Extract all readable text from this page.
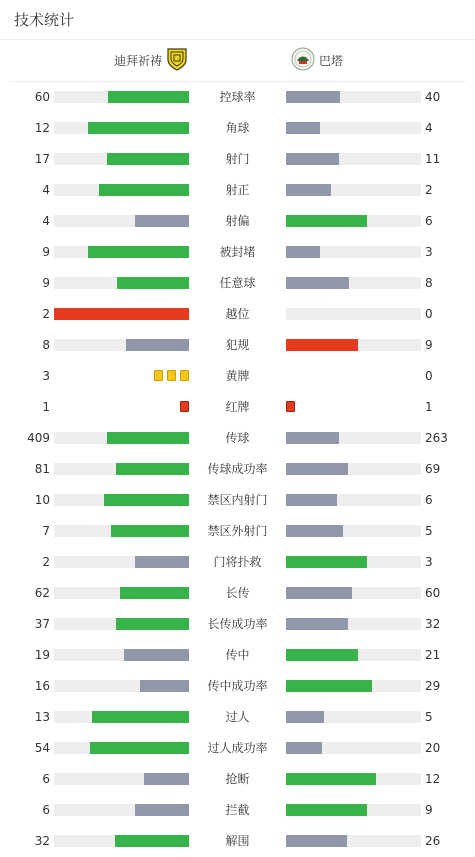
技术统计
迪拜祈祷	巴塔
60	控球率	40
12	角球	4
17	射门	11
4	射正	2
4	射偏	6
9	被封堵	3
9	任意球	8
2	越位	0
8	犯规	9
3	黄牌	0
1	红牌	1
409	传球	263
81	传球成功率	69
10	禁区内射门	6
7	禁区外射门	5
2	门将扑救	3
62	长传	60
37	长传成功率	32
19	传中	21
16	传中成功率	29
13	过人	5
54	过人成功率	20
6	抢断	12
6	拦截	9
32	解围	26
